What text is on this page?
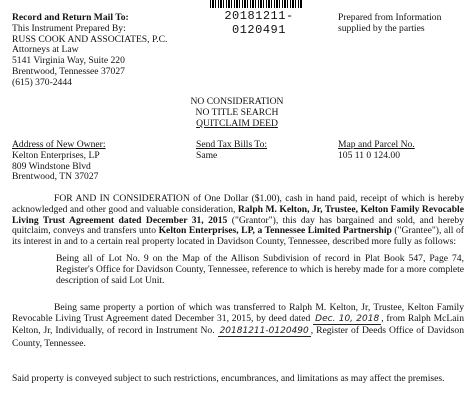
Record and Return Mail To:
This Instrument Prepared By:
RUSS COOK AND ASSOCIATES, P.C.
Attorneys at Law
5141 Virginia Way, Suite 220
Brentwood, Tennessee 37027
(615) 370-2444
20181211-0120491
Prepared from Information
supplied by the parties
NO CONSIDERATION
NO TITLE SEARCH
QUITCLAIM DEED
Address of New Owner:
Kelton Enterprises, LP
809 Windstone Blvd
Brentwood, TN 37027
Send Tax Bills To:
Same
Map and Parcel No.
105 11 0 124.00

FOR AND IN CONSIDERATION of One Dollar ($1.00), cash in hand paid, receipt of which is hereby acknowledged and other good and valuable consideration, Ralph M. Kelton, Jr, Trustee, Kelton Family Revocable Living Trust Agreement dated December 31, 2015 ("Grantor"), this day has bargained and sold, and hereby quitclaim, conveys and transfers unto Kelton Enterprises, LP, a Tennessee Limited Partnership ("Grantee"), all of its interest in and to a certain real property located in Davidson County, Tennessee, described more fully as follows:

Being all of Lot No. 9 on the Map of the Allison Subdivision of record in Plat Book 547, Page 74, Register's Office for Davidson County, Tennessee, reference to which is hereby made for a more complete description of said Lot Unit.

Being same property a portion of which was transferred to Ralph M. Kelton, Jr, Trustee, Kelton Family Revocable Living Trust Agreement dated December 31, 2015, by deed dated Dec. 10, 2018 , from Ralph McLain Kelton, Jr, Individually, of record in Instrument No. 20181211-0120490 , Register of Deeds Office of Davidson County, Tennessee.

Said property is conveyed subject to such restrictions, encumbrances, and limitations as may affect the premises.
